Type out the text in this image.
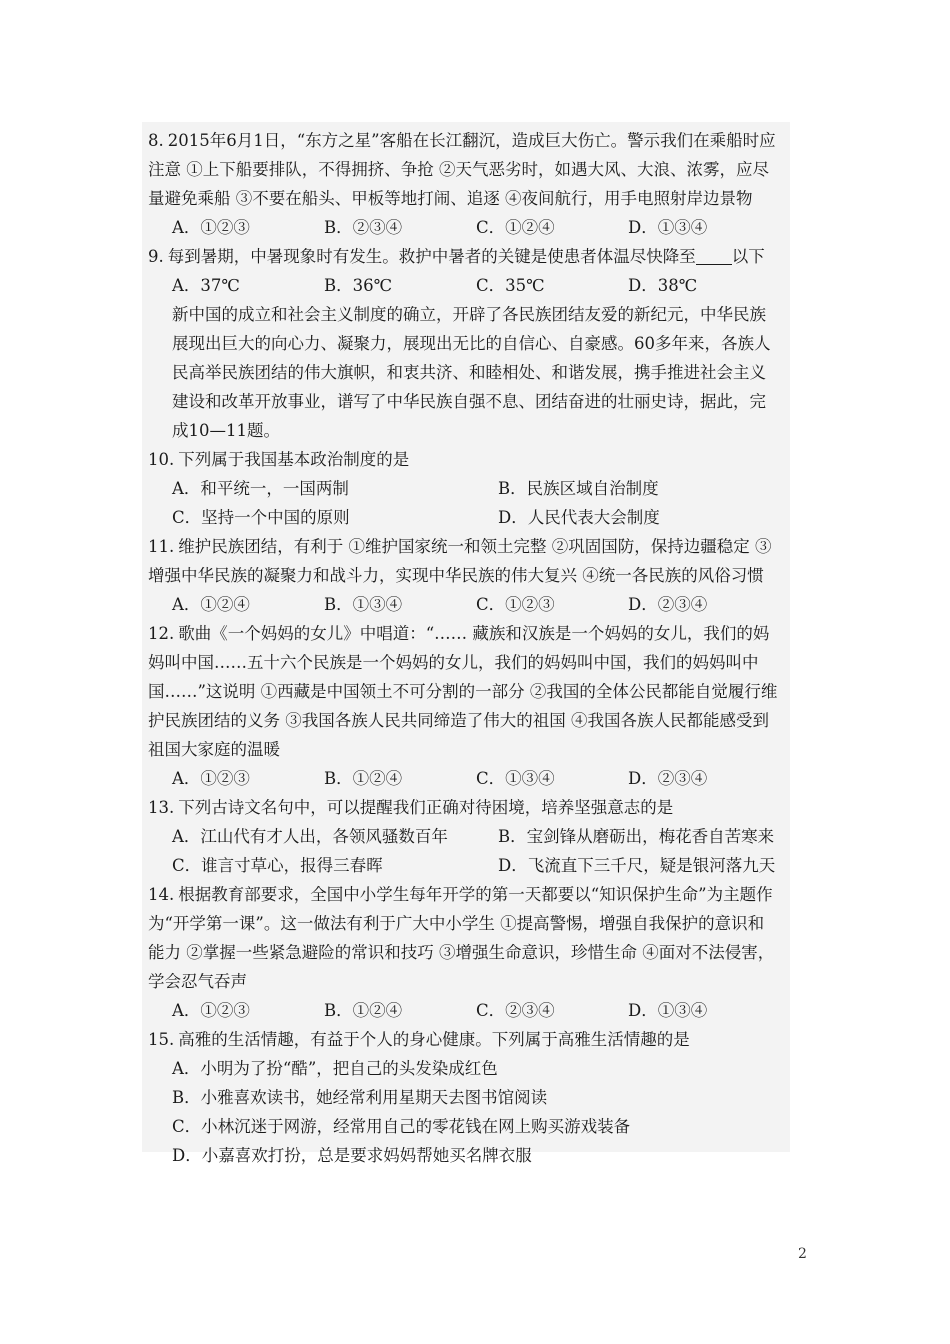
8. 2015年6月1日，“东方之星”客船在长江翻沉，造成巨大伤亡。警示我们在乘船时应注意 ①上下船要排队，不得拥挤、争抢 ②天气恶劣时，如遇大风、大浪、浓雾，应尽量避免乘船 ③不要在船头、甲板等地打闹、追逐 ④夜间航行，用手电照射岸边景物
A．①②③	B．②③④	C．①②④	D．①③④
9. 每到暑期，中暑现象时有发生。救护中暑者的关键是使患者体温尽快降至 以下
A．37℃	B．36℃	C．35℃	D．38℃
新中国的成立和社会主义制度的确立，开辟了各民族团结友爱的新纪元，中华民族展现出巨大的向心力、凝聚力，展现出无比的自信心、自豪感。60多年来，各族人民高举民族团结的伟大旗帜，和衷共济、和睦相处、和谐发展，携手推进社会主义建设和改革开放事业，谱写了中华民族自强不息、团结奋进的壮丽史诗，据此，完成10—11题。
10. 下列属于我国基本政治制度的是
A．和平统一，一国两制	B．民族区域自治制度
C．坚持一个中国的原则	D．人民代表大会制度
11. 维护民族团结，有利于 ①维护国家统一和领土完整 ②巩固国防，保持边疆稳定 ③增强中华民族的凝聚力和战斗力，实现中华民族的伟大复兴 ④统一各民族的风俗习惯
A．①②④	B．①③④	C．①②③	D．②③④
12. 歌曲《一个妈妈的女儿》中唱道：“…… 藏族和汉族是一个妈妈的女儿，我们的妈妈叫中国……五十六个民族是一个妈妈的女儿，我们的妈妈叫中国，我们的妈妈叫中国……”这说明 ①西藏是中国领土不可分割的一部分 ②我国的全体公民都能自觉履行维护民族团结的义务 ③我国各族人民共同缔造了伟大的祖国 ④我国各族人民都能感受到祖国大家庭的温暖
A．①②③	B．①②④	C．①③④	D．②③④
13. 下列古诗文名句中，可以提醒我们正确对待困境，培养坚强意志的是
A．江山代有才人出，各领风骚数百年	B．宝剑锋从磨砺出，梅花香自苦寒来
C．谁言寸草心，报得三春晖	D．飞流直下三千尺，疑是银河落九天
14. 根据教育部要求，全国中小学生每年开学的第一天都要以“知识保护生命”为主题作为“开学第一课”。这一做法有利于广大中小学生 ①提高警惕，增强自我保护的意识和能力 ②掌握一些紧急避险的常识和技巧 ③增强生命意识，珍惜生命 ④面对不法侵害，学会忍气吞声
A．①②③	B．①②④	C．②③④	D．①③④
15. 高雅的生活情趣，有益于个人的身心健康。下列属于高雅生活情趣的是
A．小明为了扮“酷”，把自己的头发染成红色
B．小雅喜欢读书，她经常利用星期天去图书馆阅读
C．小林沉迷于网游，经常用自己的零花钱在网上购买游戏装备
D．小嘉喜欢打扮，总是要求妈妈帮她买名牌衣服
2
